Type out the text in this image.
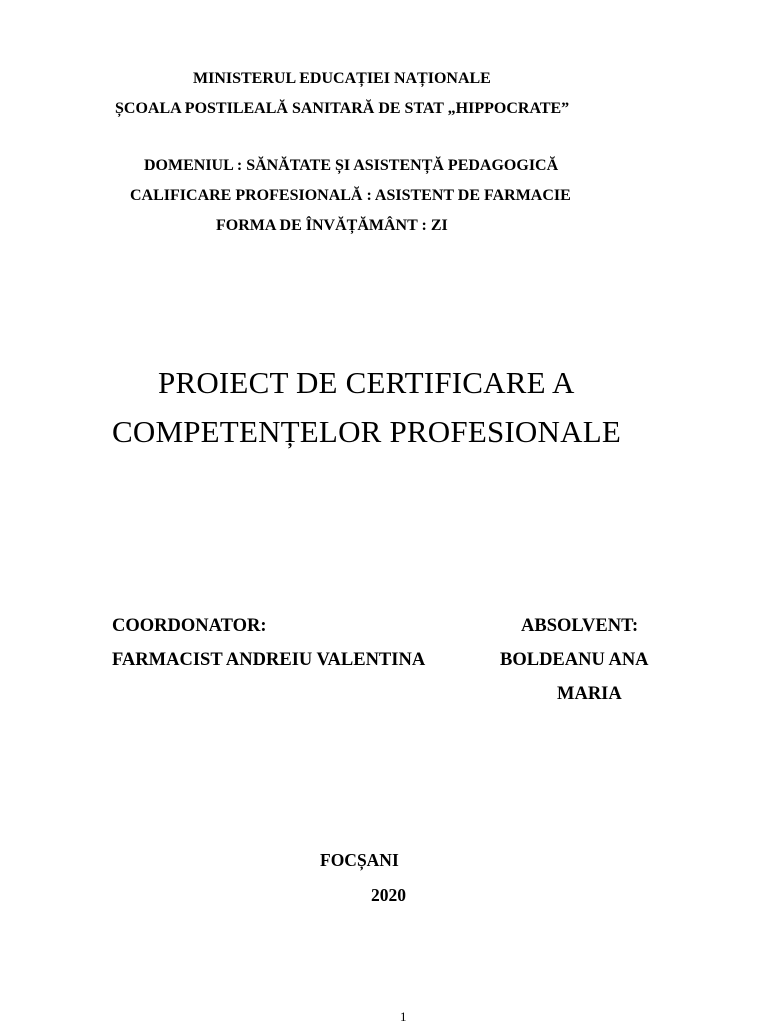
MINISTERUL EDUCAȚIEI NAȚIONALE
ȘCOALA POSTILEALĂ SANITARĂ DE STAT „HIPPOCRATE”
DOMENIUL : SĂNĂTATE ȘI ASISTENȚĂ PEDAGOGICĂ
CALIFICARE PROFESIONALĂ : ASISTENT DE FARMACIE
FORMA DE ÎNVĂȚĂMÂNT : ZI
PROIECT DE CERTIFICARE A
COMPETENȚELOR PROFESIONALE
COORDONATOR:
FARMACIST ANDREIU VALENTINA
ABSOLVENT:
BOLDEANU ANA
MARIA
FOCȘANI
2020
1
